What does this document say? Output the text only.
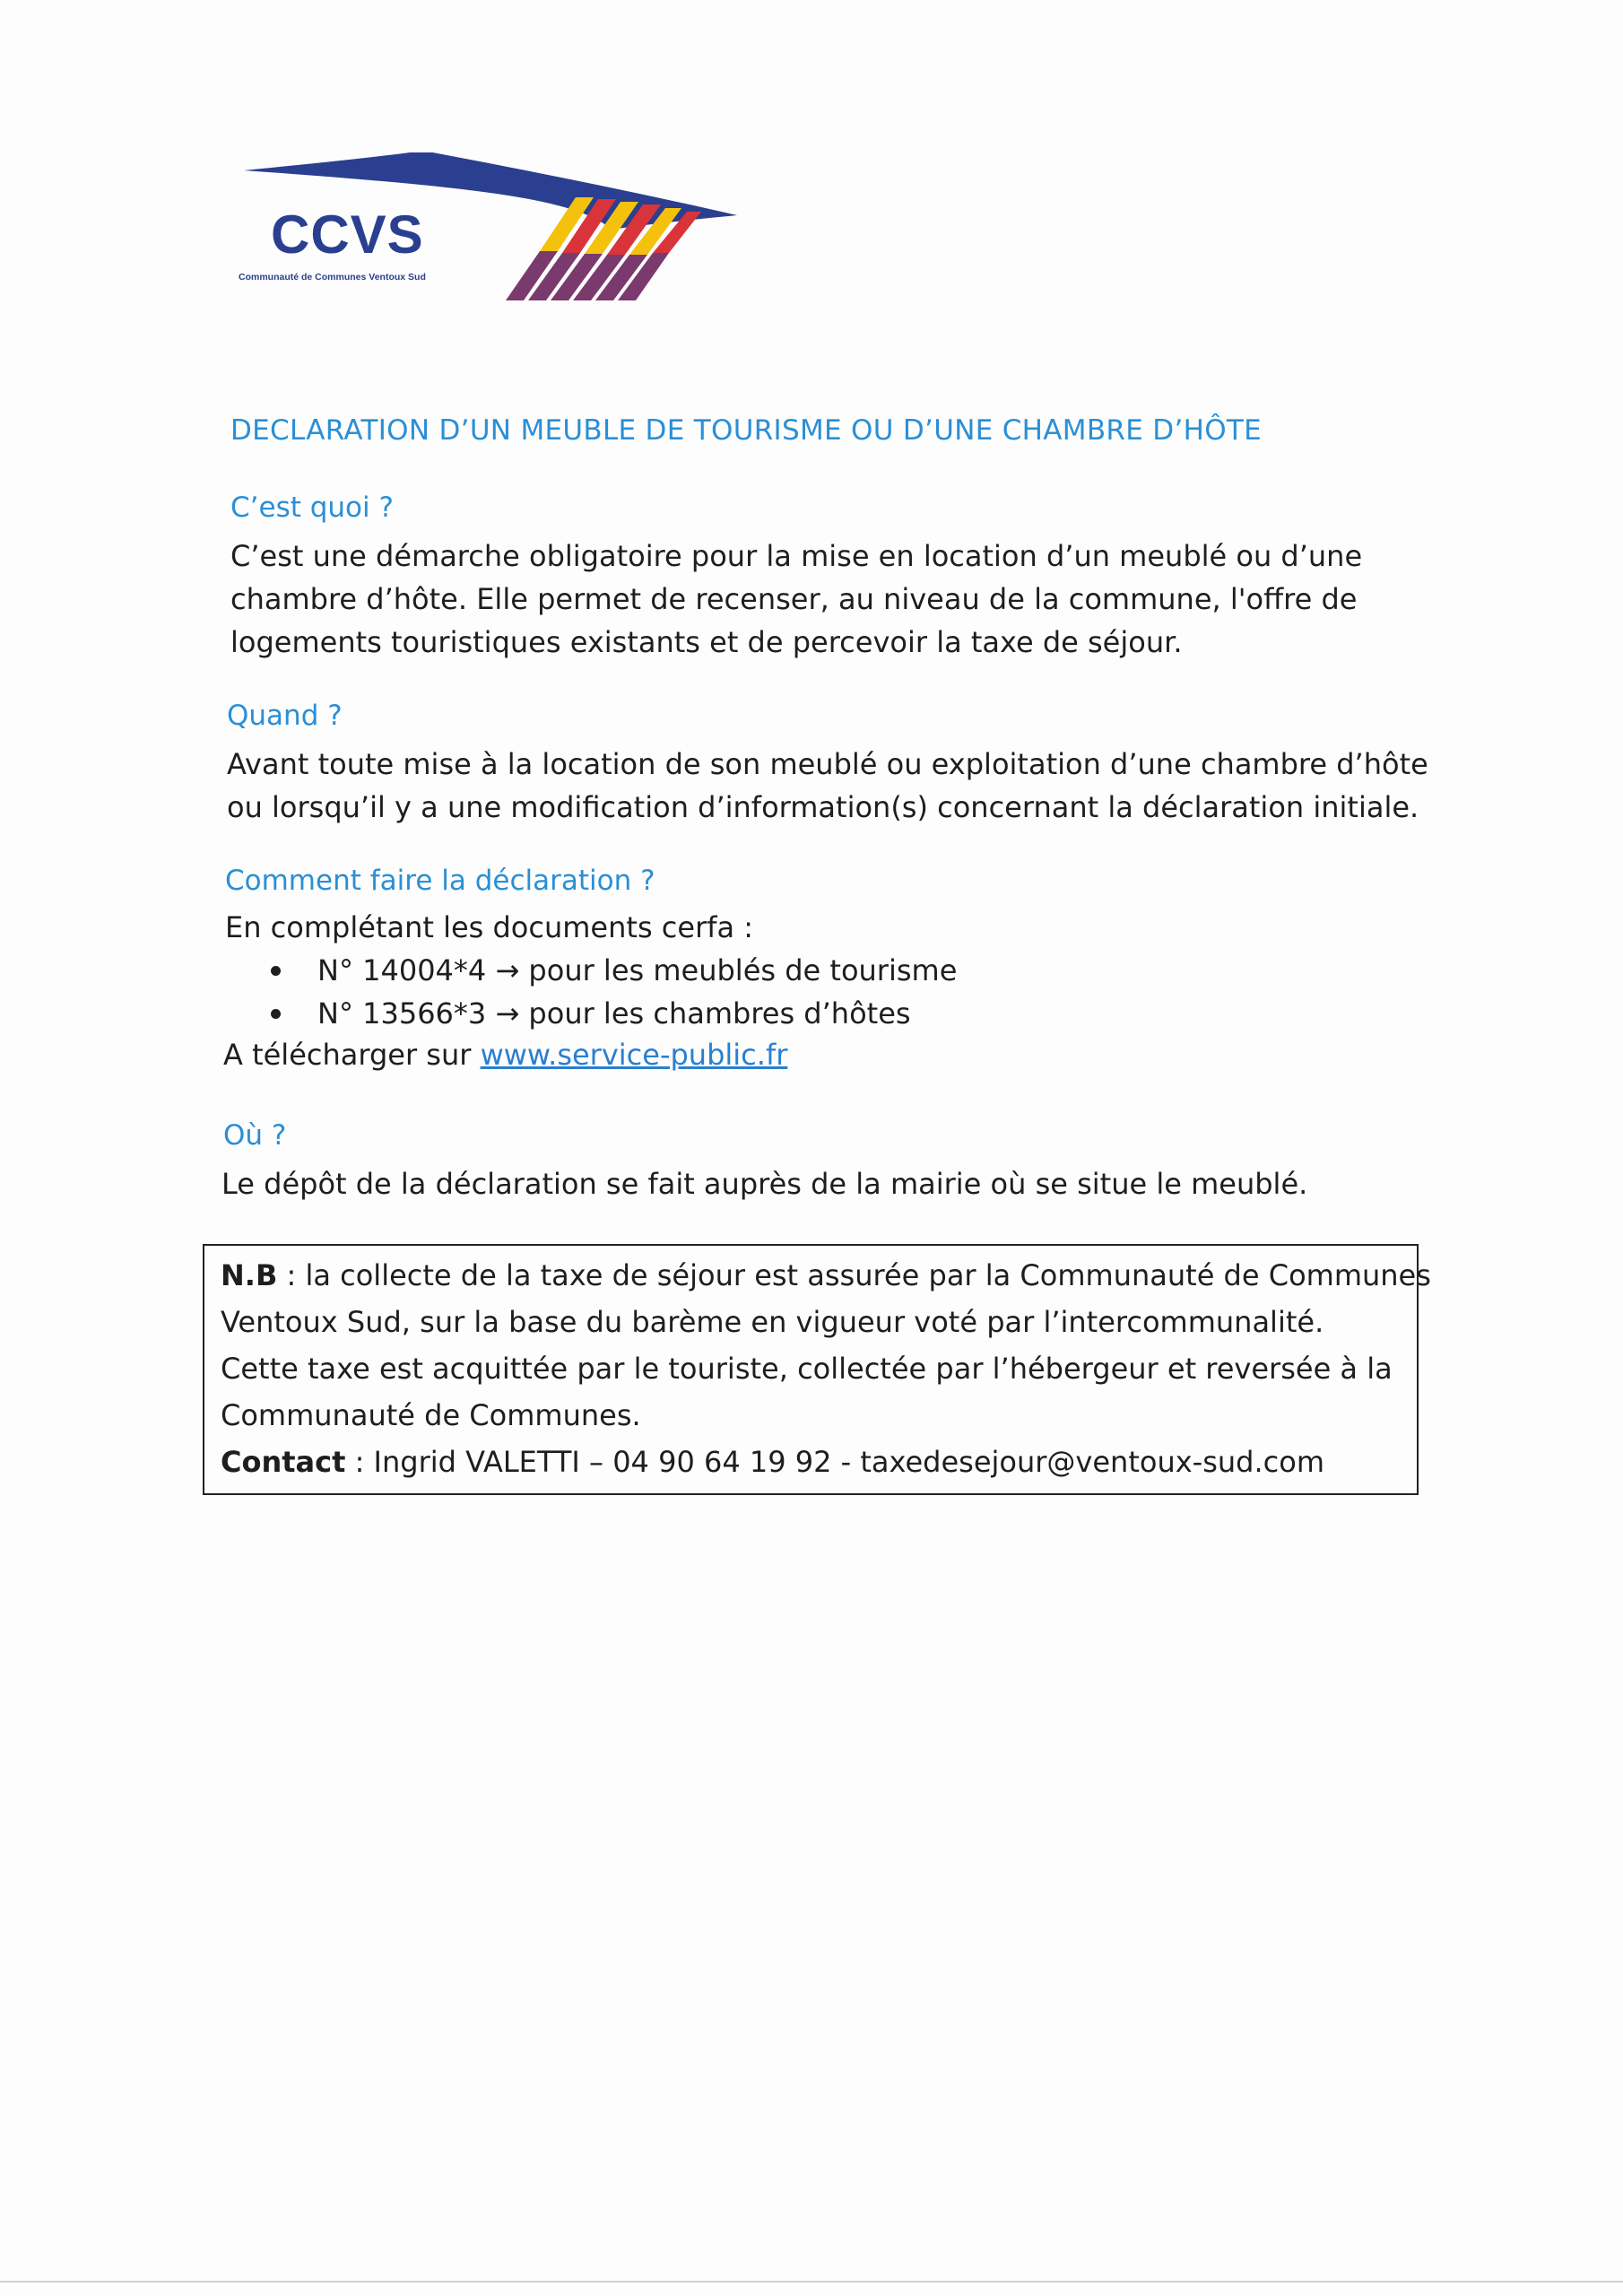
CCVS
Communauté de Communes Ventoux Sud
DECLARATION D’UN MEUBLE DE TOURISME OU D’UNE CHAMBRE D’HÔTE
C’est quoi ?
C’est une démarche obligatoire pour la mise en location d’un meublé ou d’une
chambre d’hôte. Elle permet de recenser, au niveau de la commune, l'offre de
logements touristiques existants et de percevoir la taxe de séjour.
Quand ?
Avant toute mise à la location de son meublé ou exploitation d’une chambre d’hôte
ou lorsqu’il y a une modification d’information(s) concernant la déclaration initiale.
Comment faire la déclaration ?
En complétant les documents cerfa :
N° 14004*4 → pour les meublés de tourisme
N° 13566*3 → pour les chambres d’hôtes
A télécharger sur www.service-public.fr
Où ?
Le dépôt de la déclaration se fait auprès de la mairie où se situe le meublé.
N.B : la collecte de la taxe de séjour est assurée par la Communauté de Communes
Ventoux Sud, sur la base du barème en vigueur voté par l’intercommunalité.
Cette taxe est acquittée par le touriste, collectée par l’hébergeur et reversée à la
Communauté de Communes.
Contact : Ingrid VALETTI – 04 90 64 19 92 - taxedesejour@ventoux-sud.com
